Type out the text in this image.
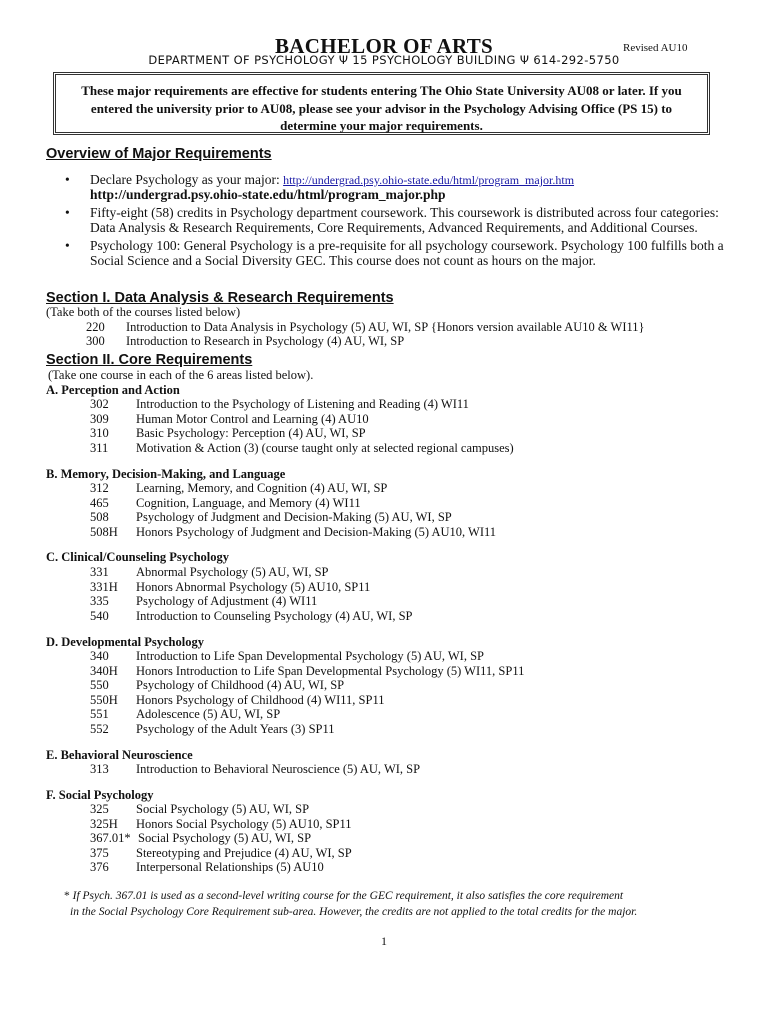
BACHELOR OF ARTS	Revised AU10
DEPARTMENT OF PSYCHOLOGY Ψ 15 PSYCHOLOGY BUILDING Ψ 614-292-5750
These major requirements are effective for students entering The Ohio State University AU08 or later. If you entered the university prior to AU08, please see your advisor in the Psychology Advising Office (PS 15) to determine your major requirements.
Overview of Major Requirements
• Declare Psychology as your major: http://undergrad.psy.ohio-state.edu/html/program_major.htm
http://undergrad.psy.ohio-state.edu/html/program_major.php
• Fifty-eight (58) credits in Psychology department coursework. This coursework is distributed across four categories: Data Analysis & Research Requirements, Core Requirements, Advanced Requirements, and Additional Courses.
• Psychology 100: General Psychology is a pre-requisite for all psychology coursework. Psychology 100 fulfills both a Social Science and a Social Diversity GEC. This course does not count as hours on the major.
Section I. Data Analysis & Research Requirements
(Take both of the courses listed below)
220 Introduction to Data Analysis in Psychology (5) AU, WI, SP {Honors version available AU10 & WI11}
300 Introduction to Research in Psychology (4) AU, WI, SP
Section II. Core Requirements
(Take one course in each of the 6 areas listed below).
A. Perception and Action
302 Introduction to the Psychology of Listening and Reading (4) WI11
309 Human Motor Control and Learning (4) AU10
310 Basic Psychology: Perception (4) AU, WI, SP
311 Motivation & Action (3) (course taught only at selected regional campuses)
B. Memory, Decision-Making, and Language
312 Learning, Memory, and Cognition (4) AU, WI, SP
465 Cognition, Language, and Memory (4) WI11
508 Psychology of Judgment and Decision-Making (5) AU, WI, SP
508H Honors Psychology of Judgment and Decision-Making (5) AU10, WI11
C. Clinical/Counseling Psychology
331 Abnormal Psychology (5) AU, WI, SP
331H Honors Abnormal Psychology (5) AU10, SP11
335 Psychology of Adjustment (4) WI11
540 Introduction to Counseling Psychology (4) AU, WI, SP
D. Developmental Psychology
340 Introduction to Life Span Developmental Psychology (5) AU, WI, SP
340H Honors Introduction to Life Span Developmental Psychology (5) WI11, SP11
550 Psychology of Childhood (4) AU, WI, SP
550H Honors Psychology of Childhood (4) WI11, SP11
551 Adolescence (5) AU, WI, SP
552 Psychology of the Adult Years (3) SP11
E. Behavioral Neuroscience
313 Introduction to Behavioral Neuroscience (5) AU, WI, SP
F. Social Psychology
325 Social Psychology (5) AU, WI, SP
325H Honors Social Psychology (5) AU10, SP11
367.01* Social Psychology (5) AU, WI, SP
375 Stereotyping and Prejudice (4) AU, WI, SP
376 Interpersonal Relationships (5) AU10
* If Psych. 367.01 is used as a second-level writing course for the GEC requirement, it also satisfies the core requirement
in the Social Psychology Core Requirement sub-area. However, the credits are not applied to the total credits for the major.
1
